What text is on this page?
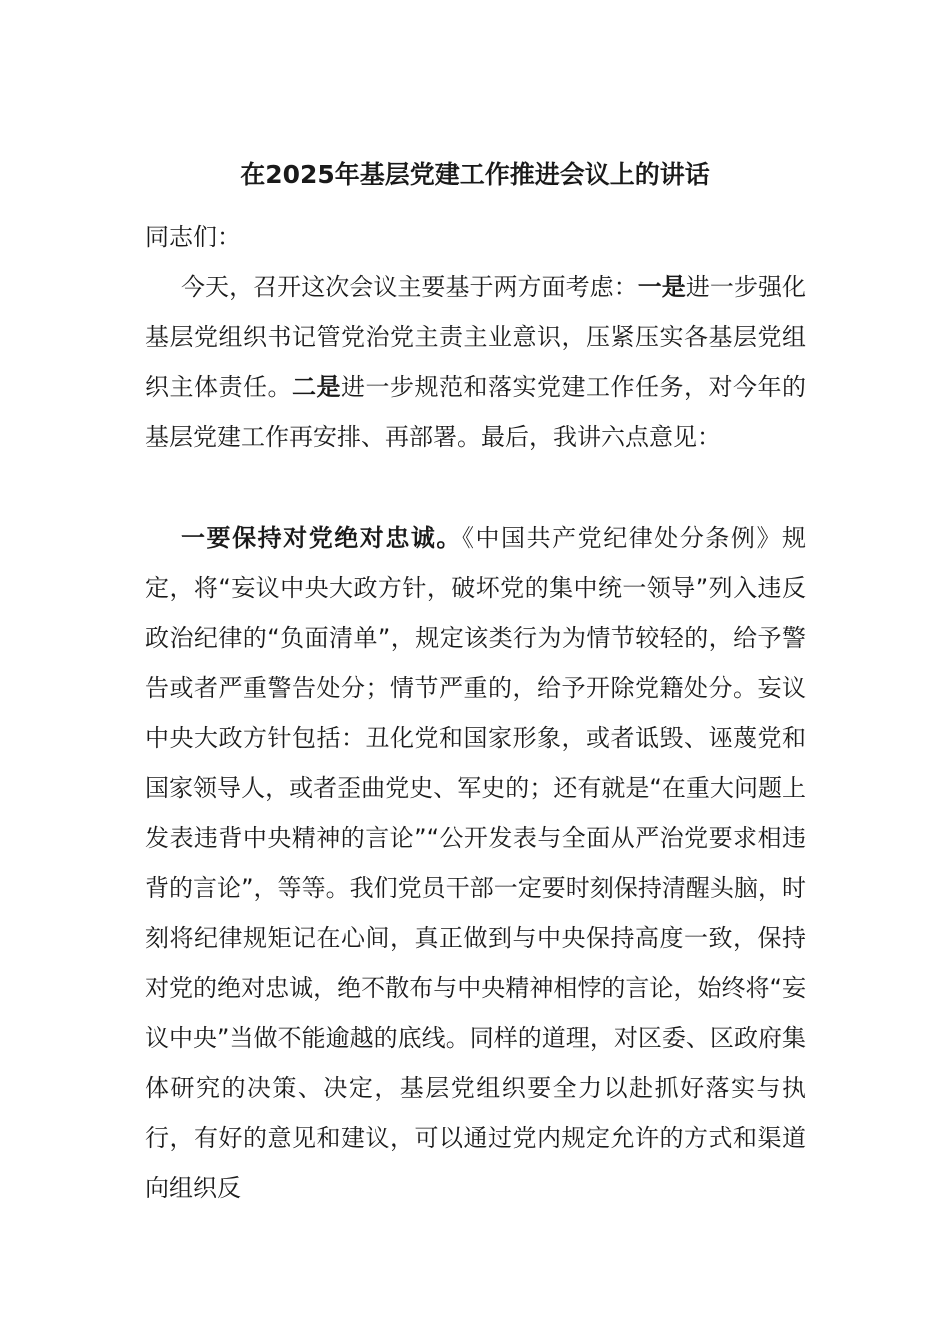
在2025年基层党建工作推进会议上的讲话

同志们：

今天，召开这次会议主要基于两方面考虑：一是进一步强化基层党组织书记管党治党主责主业意识，压紧压实各基层党组织主体责任。二是进一步规范和落实党建工作任务，对今年的基层党建工作再安排、再部署。最后，我讲六点意见：

一要保持对党绝对忠诚。《中国共产党纪律处分条例》规定，将“妄议中央大政方针，破坏党的集中统一领导”列入违反政治纪律的“负面清单”，规定该类行为为情节较轻的，给予警告或者严重警告处分；情节严重的，给予开除党籍处分。妄议中央大政方针包括：丑化党和国家形象，或者诋毁、诬蔑党和国家领导人，或者歪曲党史、军史的；还有就是“在重大问题上发表违背中央精神的言论”“公开发表与全面从严治党要求相违背的言论”，等等。我们党员干部一定要时刻保持清醒头脑，时刻将纪律规矩记在心间，真正做到与中央保持高度一致，保持对党的绝对忠诚，绝不散布与中央精神相悖的言论，始终将“妄议中央”当做不能逾越的底线。同样的道理，对区委、区政府集体研究的决策、决定，基层党组织要全力以赴抓好落实与执行，有好的意见和建议，可以通过党内规定允许的方式和渠道向组织反
